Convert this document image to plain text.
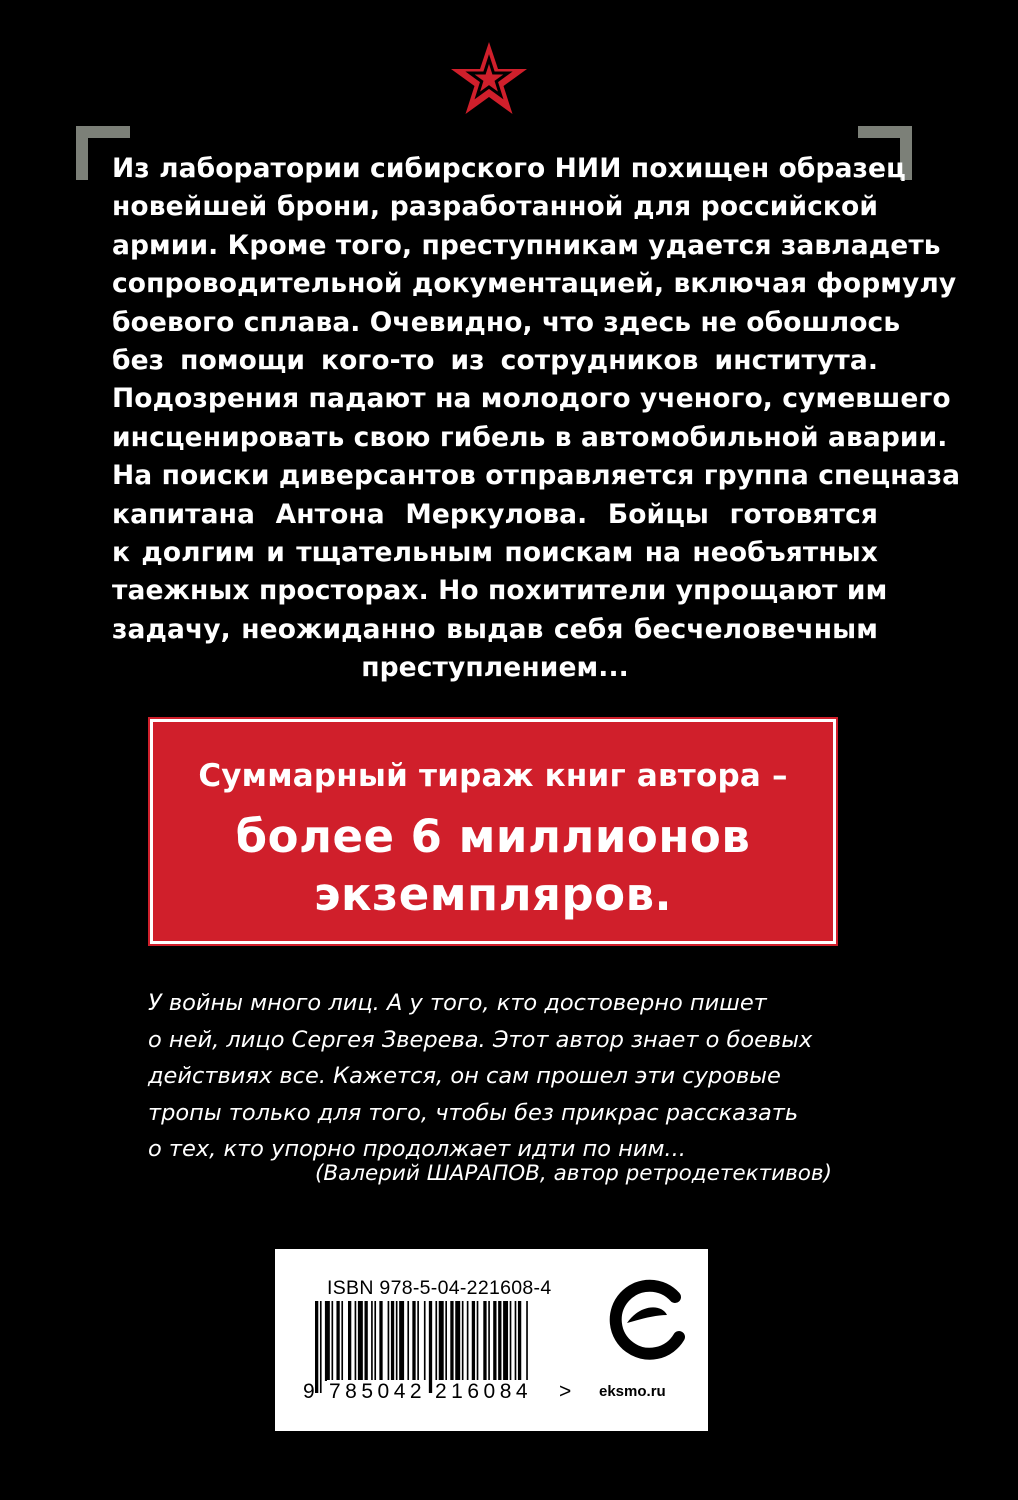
Из лаборатории сибирского НИИ похищен образец
новейшей брони, разработанной для российской
армии. Кроме того, преступникам удается завладеть
сопроводительной документацией, включая формулу
боевого сплава. Очевидно, что здесь не обошлось
без помощи кого-то из сотрудников института.
Подозрения падают на молодого ученого, сумевшего
инсценировать свою гибель в автомобильной аварии.
На поиски диверсантов отправляется группа спецназа
капитана Антона Меркулова. Бойцы готовятся
к долгим и тщательным поискам на необъятных
таежных просторах. Но похитители упрощают им
задачу, неожиданно выдав себя бесчеловечным
преступлением...
Суммарный тираж книг автора –
более 6 миллионов
экземпляров.
У войны много лиц. А у того, кто достоверно пишет
о ней, лицо Сергея Зверева. Этот автор знает о боевых
действиях все. Кажется, он сам прошел эти суровые
тропы только для того, чтобы без прикрас рассказать
о тех, кто упорно продолжает идти по ним...
(Валерий ШАРАПОВ, автор ретродетективов)
ISBN 978-5-04-221608-4
9 785042 216084 > eksmo.ru
